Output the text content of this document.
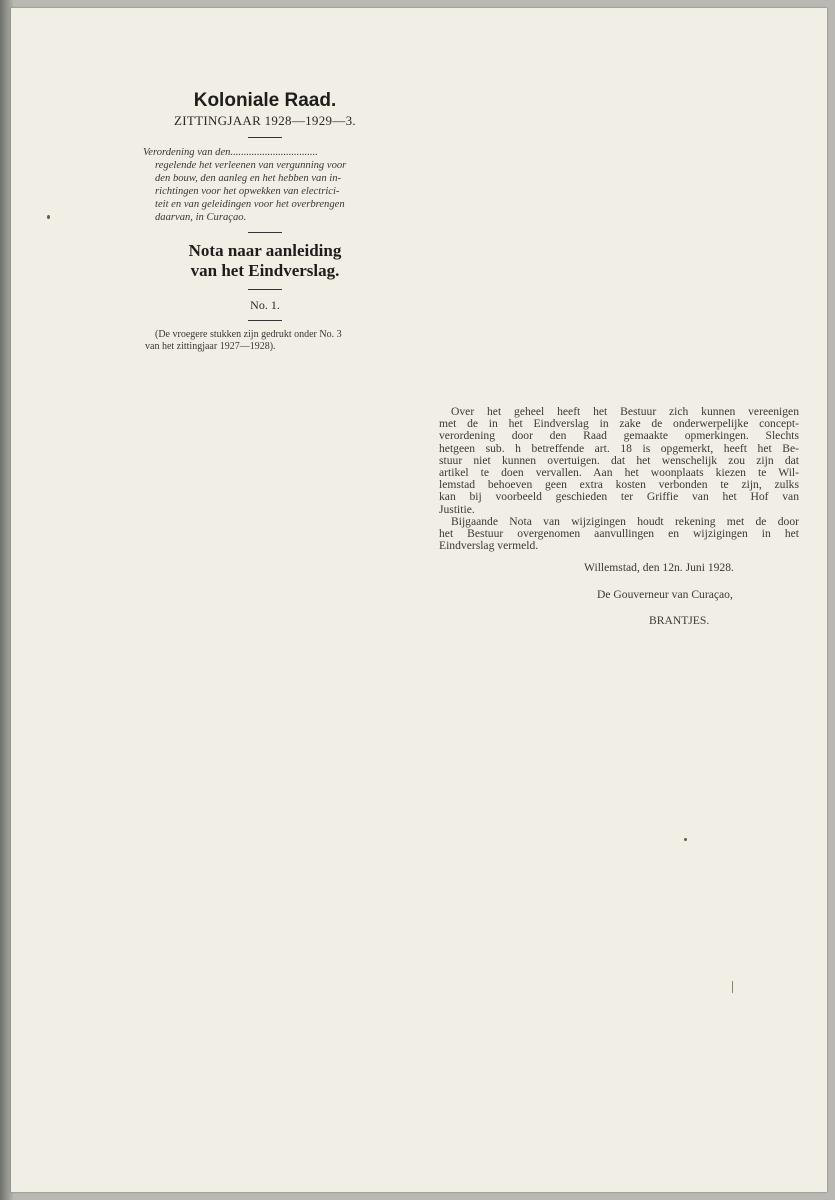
Koloniale Raad.
ZITTINGJAAR 1928—1929—3.
Verordening van den.................................
regelende het verleenen van vergunning voor
den bouw, den aanleg en het hebben van in-
richtingen voor het opwekken van electrici-
teit en van geleidingen voor het overbrengen
daarvan, in Curaçao.
Nota naar aanleiding
van het Eindverslag.
No. 1.
(De vroegere stukken zijn gedrukt onder No. 3
van het zittingjaar 1927—1928).

Over het geheel heeft het Bestuur zich kunnen vereenigen
met de in het Eindverslag in zake de onderwerpelijke concept-
verordening door den Raad gemaakte opmerkingen. Slechts
hetgeen sub. h betreffende art. 18 is opgemerkt, heeft het Be-
stuur niet kunnen overtuigen. dat het wenschelijk zou zijn dat
artikel te doen vervallen. Aan het woonplaats kiezen te Wil-
lemstad behoeven geen extra kosten verbonden te zijn, zulks
kan bij voorbeeld geschieden ter Griffie van het Hof van
Justitie.

Bijgaande Nota van wijzigingen houdt rekening met de door
het Bestuur overgenomen aanvullingen en wijzigingen in het
Eindverslag vermeld.

Willemstad, den 12n. Juni 1928.
De Gouverneur van Curaçao,
BRANTJES.
